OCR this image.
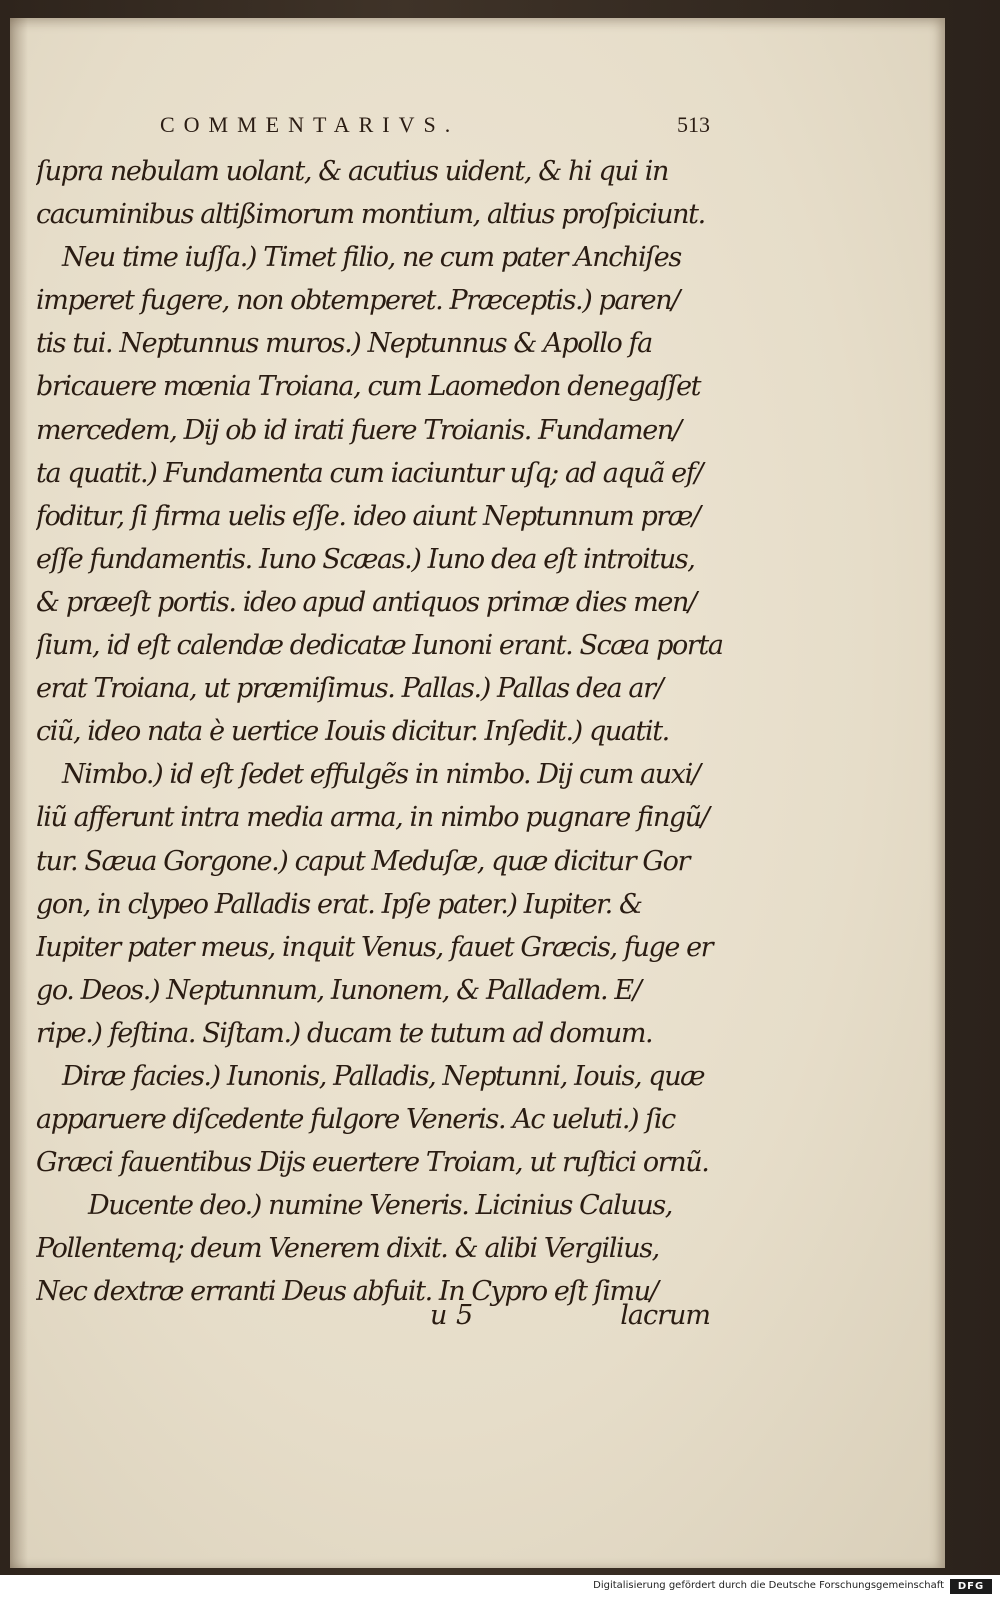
COMMENTARIVS.	513
ſupra nebulam uolant, & acutius uident, & hi qui in
cacuminibus altißimorum montium, altius proſpiciunt.
Neu time iuſſa.) Timet filio, ne cum pater Anchiſes
imperet fugere, non obtemperet. Præceptis.) paren/
tis tui. Neptunnus muros.) Neptunnus & Apollo fa
bricauere mœnia Troiana, cum Laomedon denegaſſet
mercedem, Dij ob id irati fuere Troianis. Fundamen/
ta quatit.) Fundamenta cum iaciuntur uſq; ad aquã ef/
foditur, ſi firma uelis eſſe. ideo aiunt Neptunnum præ/
eſſe fundamentis. Iuno Scæas.) Iuno dea eſt introitus,
& præeſt portis. ideo apud antiquos primæ dies men/
ſium, id eſt calendæ dedicatæ Iunoni erant. Scæa porta
erat Troiana, ut præmiſimus. Pallas.) Pallas dea ar/
ciũ, ideo nata è uertice Iouis dicitur. Inſedit.) quatit.
Nimbo.) id eſt ſedet effulgẽs in nimbo. Dij cum auxi/
liũ afferunt intra media arma, in nimbo pugnare fingũ/
tur. Sæua Gorgone.) caput Meduſæ, quæ dicitur Gor
gon, in clypeo Palladis erat. Ipſe pater.) Iupiter. &
Iupiter pater meus, inquit Venus, fauet Græcis, fuge er
go. Deos.) Neptunnum, Iunonem, & Palladem. E/
ripe.) feſtina. Siſtam.) ducam te tutum ad domum.
Diræ facies.) Iunonis, Palladis, Neptunni, Iouis, quæ
apparuere diſcedente fulgore Veneris. Ac ueluti.) ſic
Græci fauentibus Dijs euertere Troiam, ut ruſtici ornũ.
Ducente deo.) numine Veneris. Licinius Caluus,
Pollentemq; deum Venerem dixit. & alibi Vergilius,
Nec dextræ erranti Deus abfuit. In Cypro eſt ſimu/
u 5	lacrum
Digitalisierung gefördert durch die Deutsche Forschungsgemeinschaft	DFG
